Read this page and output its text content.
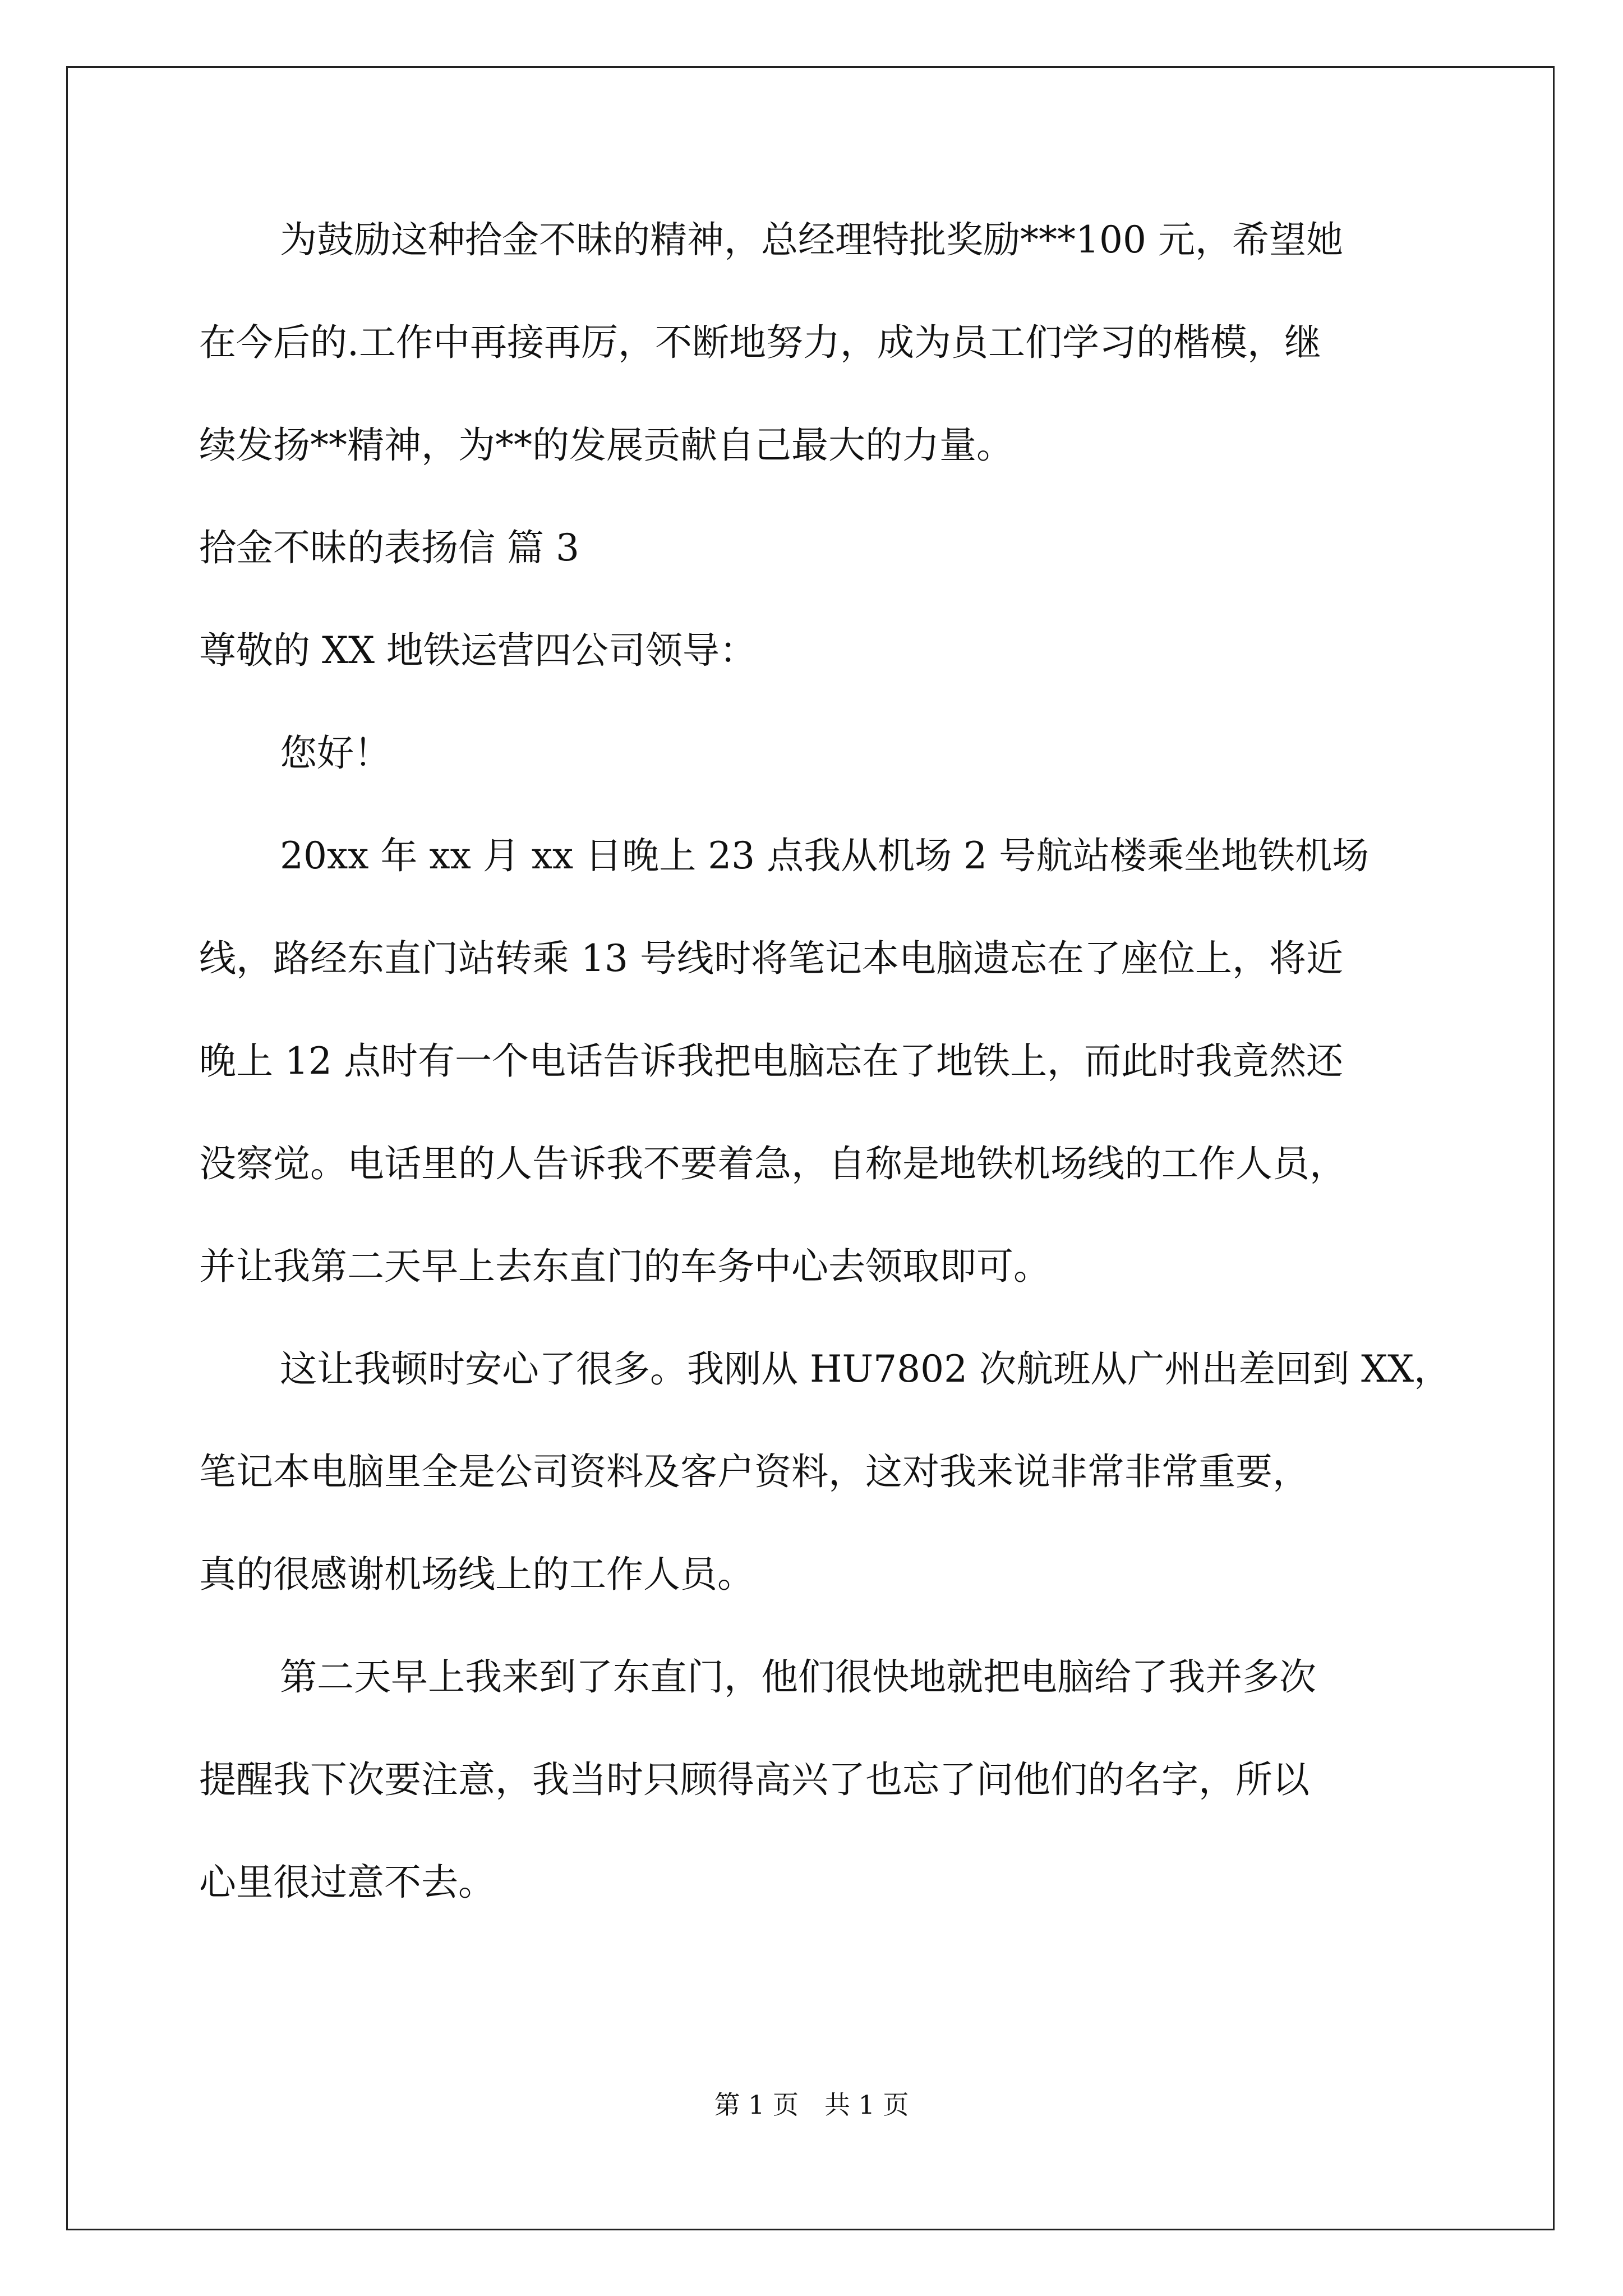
为鼓励这种拾金不昧的精神，总经理特批奖励***100 元，希望她

在今后的.工作中再接再厉，不断地努力，成为员工们学习的楷模，继

续发扬**精神，为**的发展贡献自己最大的力量。

拾金不昧的表扬信 篇 3

尊敬的 XX 地铁运营四公司领导：

您好！

20xx 年 xx 月 xx 日晚上 23 点我从机场 2 号航站楼乘坐地铁机场

线，路经东直门站转乘 13 号线时将笔记本电脑遗忘在了座位上，将近

晚上 12 点时有一个电话告诉我把电脑忘在了地铁上，而此时我竟然还

没察觉。电话里的人告诉我不要着急，自称是地铁机场线的工作人员，

并让我第二天早上去东直门的车务中心去领取即可。

这让我顿时安心了很多。我刚从 HU7802 次航班从广州出差回到 XX，

笔记本电脑里全是公司资料及客户资料，这对我来说非常非常重要，

真的很感谢机场线上的工作人员。

第二天早上我来到了东直门，他们很快地就把电脑给了我并多次

提醒我下次要注意，我当时只顾得高兴了也忘了问他们的名字，所以

心里很过意不去。

第 1 页 共 1 页
